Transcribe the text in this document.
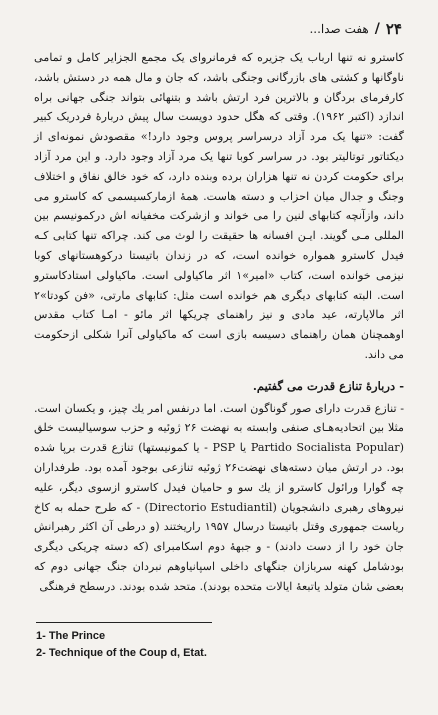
۲۴
/
هفت صدا...

کاسترو نه تنها ارباب یک جزیره که فرمانروای یک مجمع الجزایر کامل و تمامی ناوگانها و کشتی های بازرگانی وجنگی باشد، که جان و مال همه در دستش باشد، کارفرمای بردگان و بالاترین فرد ارتش باشد و بتنهائی بتواند جنگی جهانی براه اندازد (اکتبر ۱۹۶۲). وقتی که هگل حدود دویست سال پیش دربارهٔ فردریک کبیر گفت: «تنها یک مرد آزاد درسراسر پروس وجود دارد!» مقصودش نمونه‌ای از دیکتاتور توتالیتر بود. در سراسر کوبا تنها یک مرد آزاد وجود دارد. و این مرد آزاد برای حکومت کردن نه تنها هزاران برده وبنده دارد، که خود خالق نفاق و اختلاف وجنگ و جدال میان احزاب و دسته هاست. همهٔ ازمارکسیسمی که کاسترو می داند، وازآنچه کتابهای لنین را می خواند و ازشرکت مخفیانه اش درکمونیسم بین المللی مـی گویند. ایـن افسانه ها حقیقت را لوث می کند. چراکه تنها کتابی کـه فیدل کاسترو همواره خوانده است، که در زندان باتیستا درکوهستانهای کوبا نیزمی خوانده است، کتاب «امیر»۱ اثر ماکیاولی است. ماکیاولی استادکاسترو است. البته کتابهای دیگری هم خوانده است مثل: کتابهای مارتی، «فن کودتا»۲ اثر مالاپارته، عید مادی و نیز راهنمای چریکها اثر مائو - امـا کتاب مقدس اوهمچنان همان راهنمای دسیسه بازی است که ماکیاولی آنرا شکلی ازحکومت می داند.

- دربارهٔ تنازع قدرت می گفتیم.

- تنازع قدرت دارای صور گوناگون است. اما درنفس امر یك چیز، و یکسان است. مثلا بین اتحادیه‌هـای صنفی وابسته به نهضت ۲۶ ژوئیه و حزب سوسیالیست خلق (Partido Socialista Popular یا PSP - یا کمونیستها) تنازع قدرت برپا شده بود. در ارتش میان دسته‌های نهضت۲۶ ژوئیه تنازعی بوجود آمده بود. طرفداران چه گوارا ورائول کاسترو از یك سو و حامیان فیدل کاسترو ازسوی دیگر، علیه نیروهای رهبری دانشجویان (Directorio Estudiantil) - که طرح حمله به کاخ ریاست جمهوری وقتل باتیستا درسال ۱۹۵۷ راریختند (و درطی آن اکثر رهبرانش جان خود را از دست دادند) - و جبههٔ دوم اسکامبرای (که دسته چریکی دیگری بودشامل کهنه سربازان جنگهای داخلی اسپانیاوهم نبردان جنگ جهانی دوم که بعضی شان متولد یاتبعهٔ ایالات متحده بودند). متحد شده بودند. درسطح فرهنگی

1- The Prince
2- Technique of the Coup d, Etat.
